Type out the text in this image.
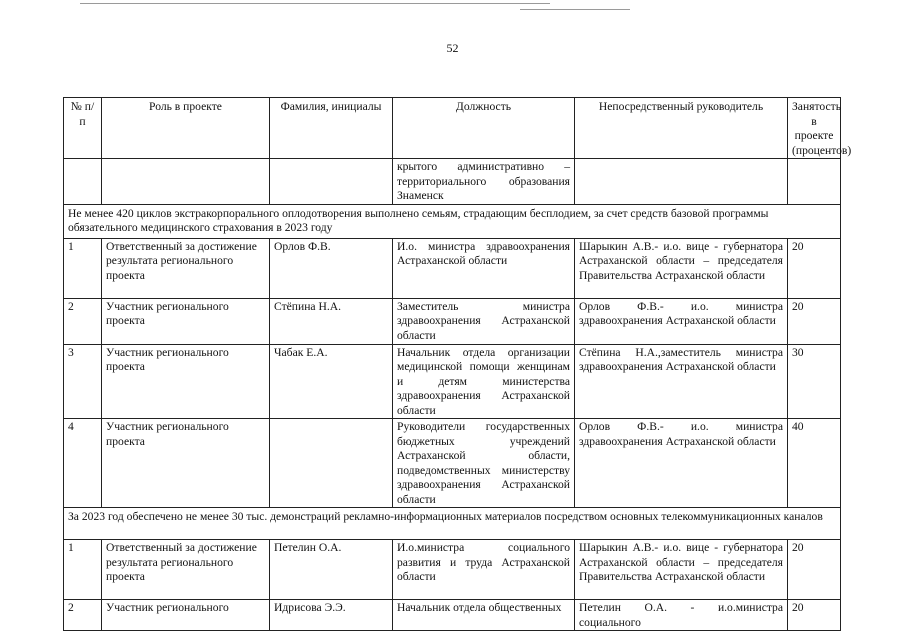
52
№ п/п	Роль в проекте	Фамилия, инициалы	Должность	Непосредственный руководитель	Занятость в проекте (процентов)
			крытого административно – территориального образования Знаменск		
Не менее 420 циклов экстракорпорального оплодотворения выполнено семьям, страдающим бесплодием, за счет средств базовой программы обязательного медицинского страхования в 2023 году					
1	Ответственный за достижение результата регионального проекта	Орлов Ф.В.	И.о. министра здравоохранения Астраханской области	Шарыкин А.В.- и.о. вице - губернатора Астраханской области – председателя Правительства Астраханской области	20
2	Участник регионального проекта	Стёпина Н.А.	Заместитель министра здравоохранения Астраханской области	Орлов Ф.В.- и.о. министра здравоохранения Астраханской области	20
3	Участник регионального проекта	Чабак Е.А.	Начальник отдела организации медицинской помощи женщинам и детям министерства здравоохранения Астраханской области	Стёпина Н.А.,заместитель министра здравоохранения Астраханской области	30
4	Участник регионального проекта		Руководители государственных бюджетных учреждений Астраханской области, подведомственных министерству здравоохранения Астраханской области	Орлов Ф.В.- и.о. министра здравоохранения Астраханской области	40
За 2023 год обеспечено не менее 30 тыс. демонстраций рекламно-информационных материалов посредством основных телекоммуникационных каналов					
1	Ответственный за достижение результата регионального проекта	Петелин О.А.	И.о.министра социального развития и труда Астраханской области	Шарыкин А.В.- и.о. вице - губернатора Астраханской области – председателя Правительства Астраханской области	20
2	Участник регионального	Идрисова Э.Э.	Начальник отдела общественных	Петелин О.А. - и.о.министра социального	20
